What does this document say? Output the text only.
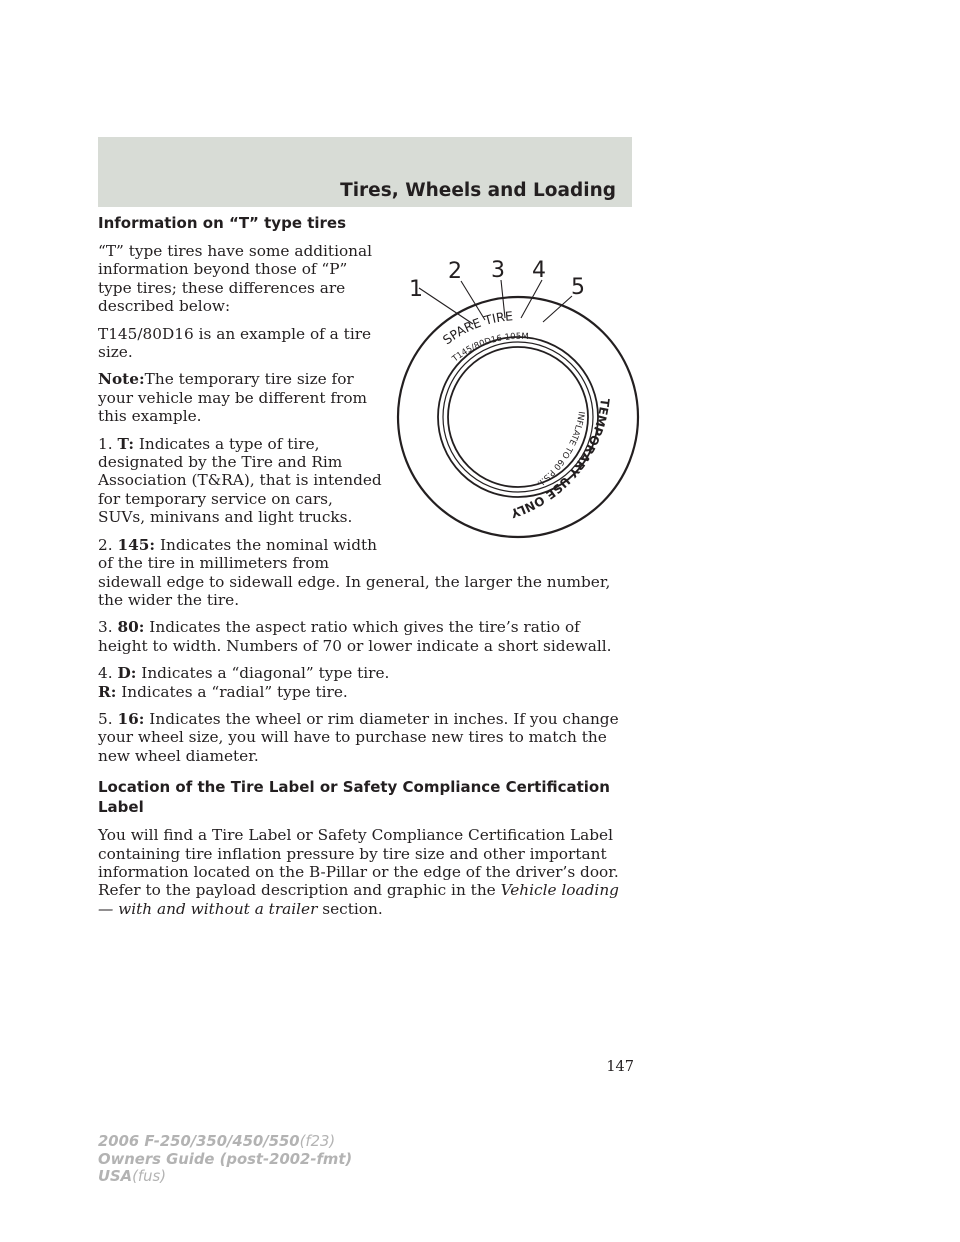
Tires, Wheels and Loading

Information on “T” type tires

“T” type tires have some additional information beyond those of “P” type tires; these differences are described below:

T145/80D16 is an example of a tire size.

Note:The temporary tire size for your vehicle may be different from this example.

1. T: Indicates a type of tire, designated by the Tire and Rim Association (T&RA), that is intended for temporary service on cars, SUVs, minivans and light trucks.

2. 145: Indicates the nominal width of the tire in millimeters from

sidewall edge to sidewall edge. In general, the larger the number, the wider the tire.

3. 80: Indicates the aspect ratio which gives the tire’s ratio of height to width. Numbers of 70 or lower indicate a short sidewall.

4. D: Indicates a “diagonal” type tire.

R: Indicates a “radial” type tire.

5. 16: Indicates the wheel or rim diameter in inches. If you change your wheel size, you will have to purchase new tires to match the new wheel diameter.

Location of the Tire Label or Safety Compliance Certification Label

You will find a Tire Label or Safety Compliance Certification Label containing tire inflation pressure by tire size and other important information located on the B-Pillar or the edge of the driver’s door. Refer to the payload description and graphic in the Vehicle loading — with and without a trailer section.

1
2 3 4
5
SPARE TIRE
T145/80D16 105M
TEMPORARY USE ONLY
INFLATE TO 60 P.S.I.
147
2006 F-250/350/450/550(f23)
Owners Guide (post-2002-fmt)
USA(fus)
